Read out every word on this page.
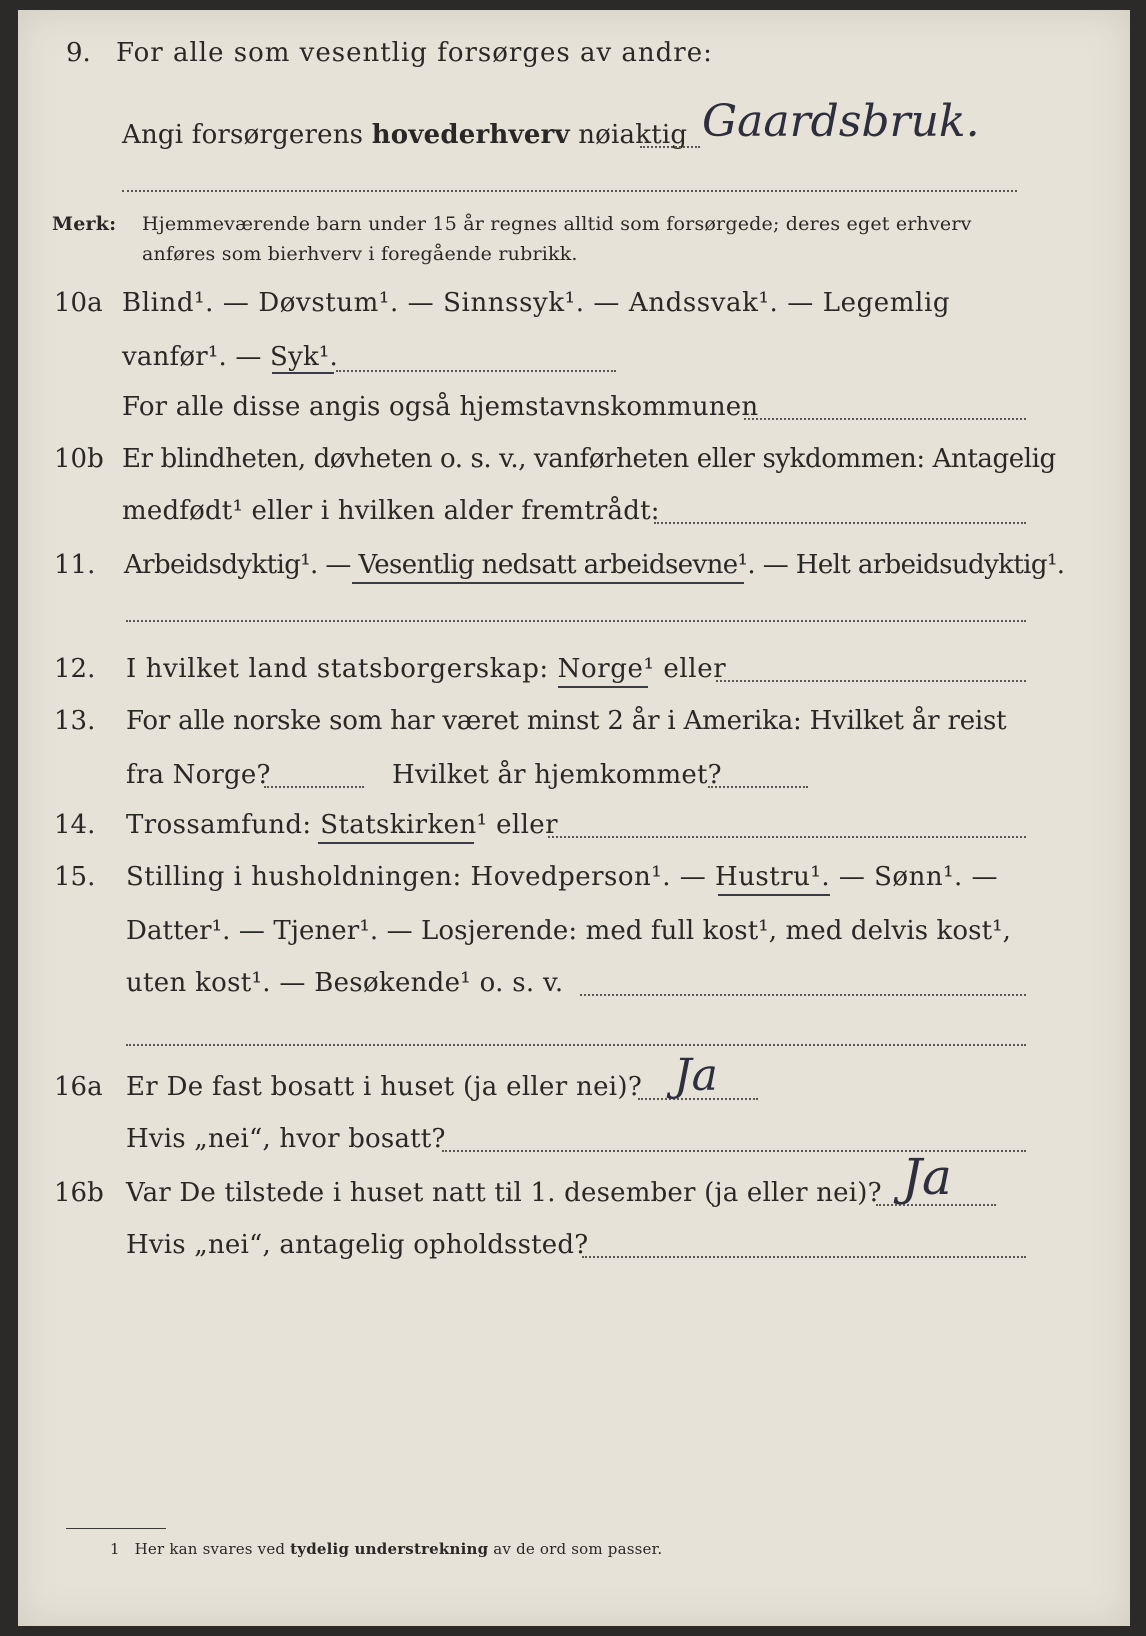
9. For alle som vesentlig forsørges av andre:
Angi forsørgerens hovederhverv nøiaktig Gaardsbruk.
Merk: Hjemmeværende barn under 15 år regnes alltid som forsørgede; deres eget erhverv
anføres som bierhverv i foregående rubrikk.
10a Blind¹. — Døvstum¹. — Sinnssyk¹. — Andssvak¹. — Legemlig
vanfør¹. — Syk¹.
For alle disse angis også hjemstavnskommunen
10b Er blindheten, døvheten o. s. v., vanførheten eller sykdommen: Antagelig
medfødt¹ eller i hvilken alder fremtrådt:
11. Arbeidsdyktig¹. — Vesentlig nedsatt arbeidsevne¹. — Helt arbeidsudyktig¹.
12. I hvilket land statsborgerskap: Norge¹ eller
13. For alle norske som har været minst 2 år i Amerika: Hvilket år reist
fra Norge?	Hvilket år hjemkommet?
14. Trossamfund: Statskirken¹ eller
15. Stilling i husholdningen: Hovedperson¹. — Hustru¹. — Sønn¹. —
Datter¹. — Tjener¹. — Losjerende: med full kost¹, med delvis kost¹,
uten kost¹. — Besøkende¹ o. s. v.
16a Er De fast bosatt i huset (ja eller nei)? Ja
Hvis „nei“, hvor bosatt?
16b Var De tilstede i huset natt til 1. desember (ja eller nei)? Ja
Hvis „nei“, antagelig opholdssted?
1 Her kan svares ved tydelig understrekning av de ord som passer.
